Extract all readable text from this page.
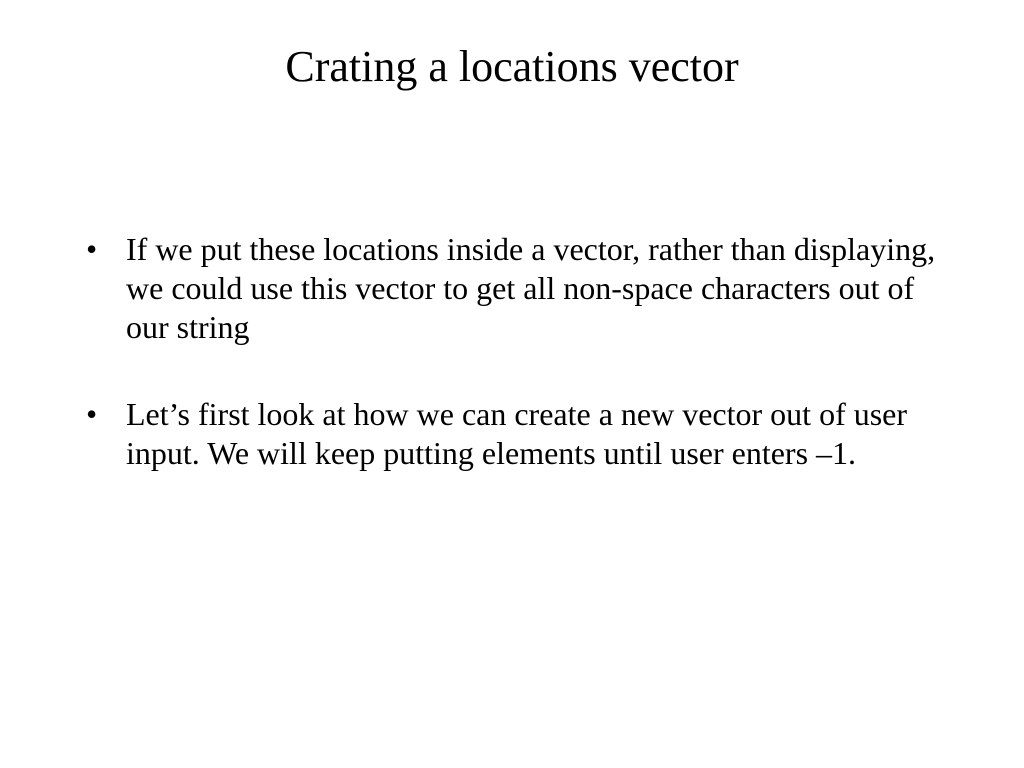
Crating a locations vector
• If we put these locations inside a vector, rather than displaying, we could use this vector to get all non-space characters out of our string
• Let’s first look at how we can create a new vector out of user input. We will keep putting elements until user enters –1.
